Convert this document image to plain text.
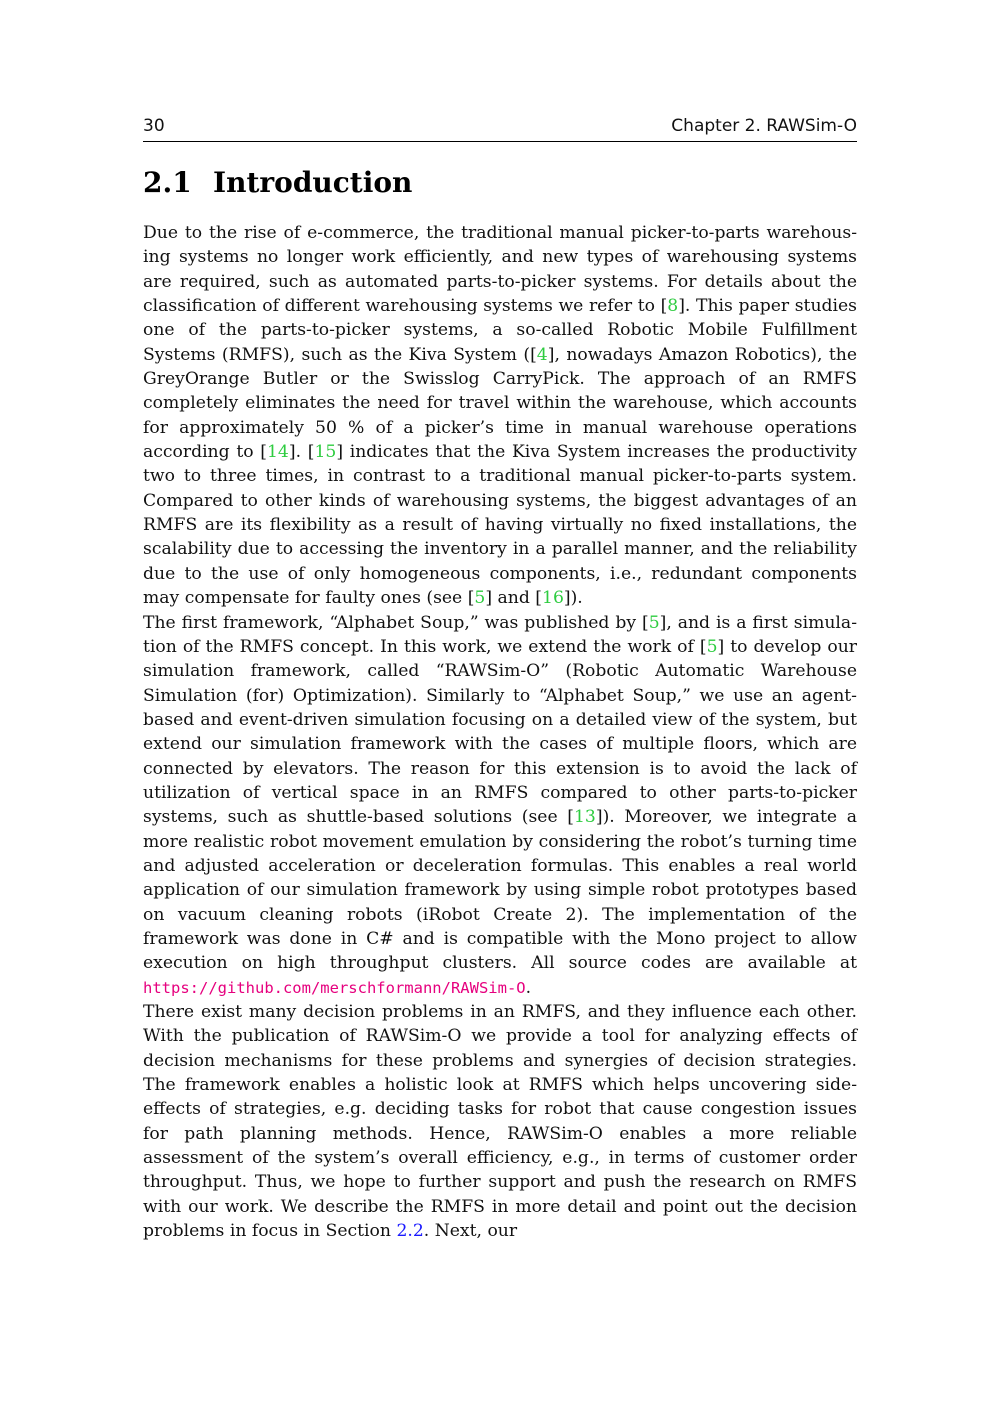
30	Chapter 2. RAWSim-O
2.1 Introduction

Due to the rise of e-commerce, the traditional manual picker-to-parts warehousing systems no longer work efficiently, and new types of warehousing systems are required, such as automated parts-to-picker systems. For details about the classification of different warehousing systems we refer to [8]. This paper studies one of the parts-to-picker systems, a so-called Robotic Mobile Fulfillment Systems (RMFS), such as the Kiva System ([4], nowadays Amazon Robotics), the GreyOrange Butler or the Swisslog CarryPick. The approach of an RMFS completely eliminates the need for travel within the warehouse, which accounts for approximately 50 % of a picker’s time in manual warehouse operations according to [14]. [15] indicates that the Kiva System increases the productivity two to three times, in contrast to a traditional manual picker-to-parts system. Compared to other kinds of warehousing systems, the biggest advantages of an RMFS are its flexibility as a result of having virtually no fixed installations, the scalability due to accessing the inventory in a parallel manner, and the reliability due to the use of only homogeneous components, i.e., redundant components may compensate for faulty ones (see [5] and [16]).

The first framework, “Alphabet Soup,” was published by [5], and is a first simulation of the RMFS concept. In this work, we extend the work of [5] to develop our simulation framework, called “RAWSim-O” (Robotic Automatic Warehouse Simulation (for) Optimization). Similarly to “Alphabet Soup,” we use an agent-based and event-driven simulation focusing on a detailed view of the system, but extend our simulation framework with the cases of multiple floors, which are connected by elevators. The reason for this extension is to avoid the lack of utilization of vertical space in an RMFS compared to other parts-to-picker systems, such as shuttle-based solutions (see [13]). Moreover, we integrate a more realistic robot movement emulation by considering the robot’s turning time and adjusted acceleration or deceleration formulas. This enables a real world application of our simulation framework by using simple robot prototypes based on vacuum cleaning robots (iRobot Create 2). The implementation of the framework was done in C# and is compatible with the Mono project to allow execution on high throughput clusters. All source codes are available at https://github.com/merschformann/RAWSim-O.

There exist many decision problems in an RMFS, and they influence each other. With the publication of RAWSim-O we provide a tool for analyzing effects of decision mechanisms for these problems and synergies of decision strategies. The framework enables a holistic look at RMFS which helps uncovering side-effects of strategies, e.g. deciding tasks for robot that cause congestion issues for path planning methods. Hence, RAWSim-O enables a more reliable assessment of the system’s overall efficiency, e.g., in terms of customer order throughput. Thus, we hope to further support and push the research on RMFS with our work. We describe the RMFS in more detail and point out the decision problems in focus in Section 2.2. Next, our
